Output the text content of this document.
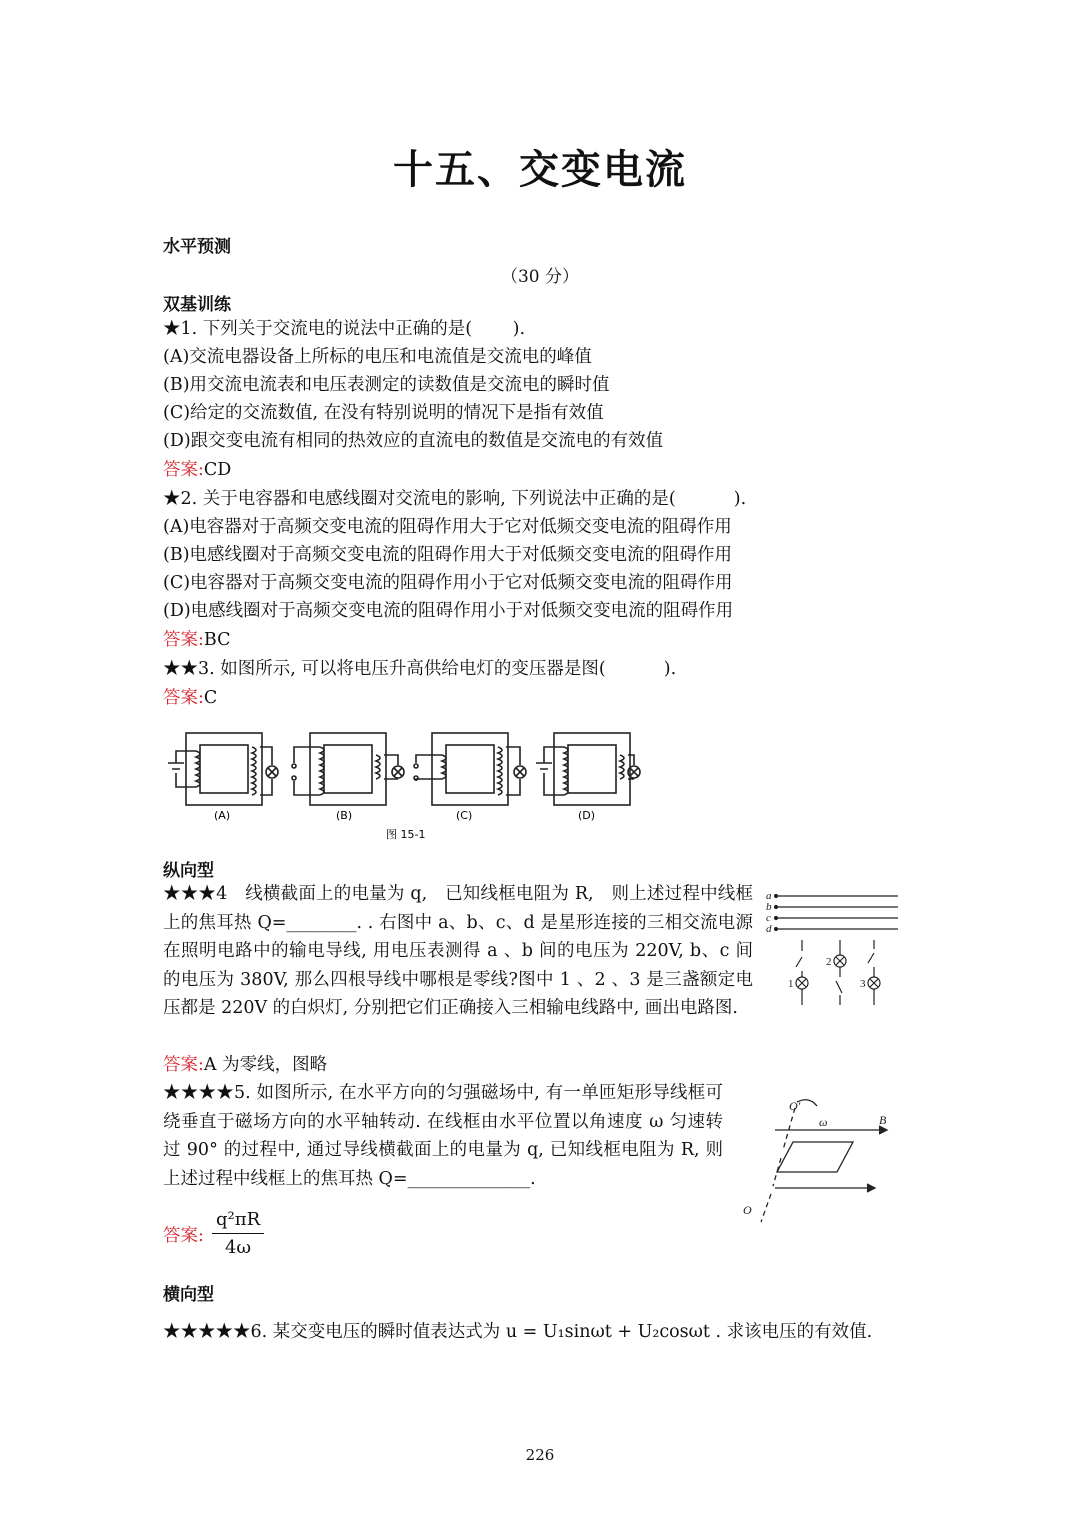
十五、交变电流
水平预测
（30 分）
双基训练
★1. 下列关于交流电的说法中正确的是(　　 ).
(A)交流电器设备上所标的电压和电流值是交流电的峰值
(B)用交流电流表和电压表测定的读数值是交流电的瞬时值
(C)给定的交流数值, 在没有特别说明的情况下是指有效值
(D)跟交变电流有相同的热效应的直流电的数值是交流电的有效值
答案:CD
★2. 关于电容器和电感线圈对交流电的影响, 下列说法中正确的是(　　　 ).
(A)电容器对于高频交变电流的阻碍作用大于它对低频交变电流的阻碍作用
(B)电感线圈对于高频交变电流的阻碍作用大于对低频交变电流的阻碍作用
(C)电容器对于高频交变电流的阻碍作用小于它对低频交变电流的阻碍作用
(D)电感线圈对于高频交变电流的阻碍作用小于对低频交变电流的阻碍作用
答案:BC
★★3. 如图所示, 可以将电压升高供给电灯的变压器是图(　　　 ).
答案:C
(A)	(B)	(C)	(D)
图 15-1
纵向型
★★★4　线横截面上的电量为 q,　已知线框电阻为 R,　则上述过程中线框上的焦耳热 Q=________. . 右图中 a、b、c、d 是星形连接的三相交流电源在照明电路中的输电导线, 用电压表测得 a 、b 间的电压为 220V, b、c 间的电压为 380V, 那么四根导线中哪根是零线?图中 1 、2 、3 是三盏额定电压都是 220V 的白炽灯, 分别把它们正确接入三相输电线路中, 画出电路图.
答案:A 为零线，图略
a
b
c
d
1
2
3
★★★★5. 如图所示, 在水平方向的匀强磁场中, 有一单匝矩形导线框可绕垂直于磁场方向的水平轴转动. 在线框由水平位置以角速度 ω 匀速转过 90° 的过程中, 通过导线横截面上的电量为 q, 已知线框电阻为 R, 则上述过程中线框上的焦耳热 Q=______________.
答案: $\frac{\text{q²πR}}{4\omega}$
O′
ω	B
O
横向型
★★★★★6. 某交变电压的瞬时值表达式为 u = U₁sinωt + U₂cosωt . 求该电压的有效值.
226
